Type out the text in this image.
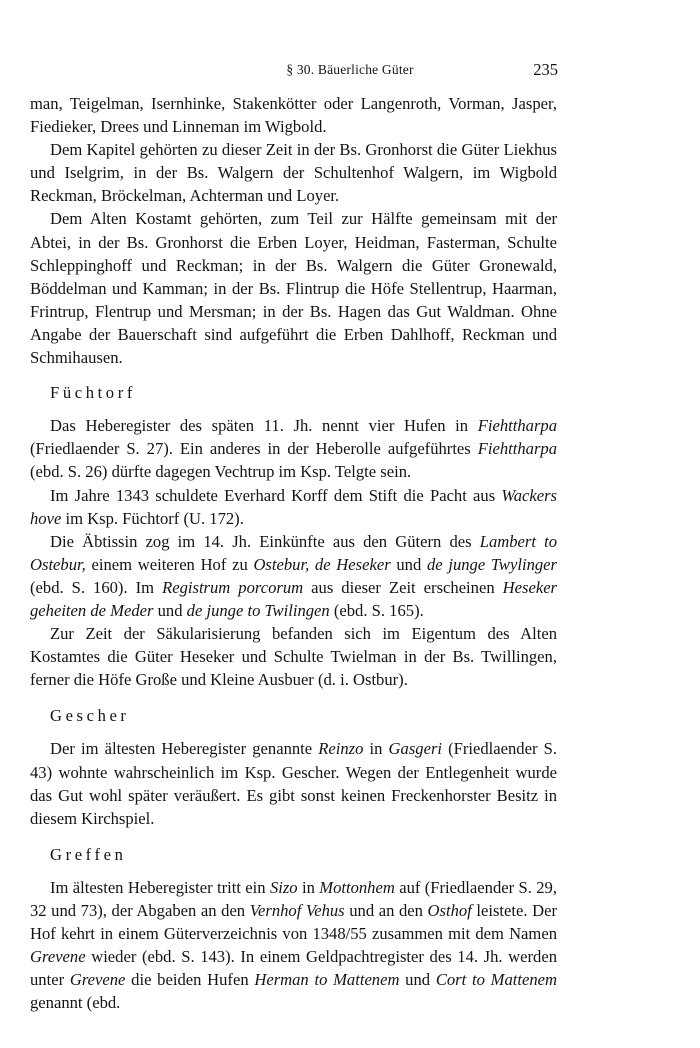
§ 30. Bäuerliche Güter	235

man, Teigelman, Isernhinke, Stakenkötter oder Langenroth, Vorman, Jasper, Fiedieker, Drees und Linneman im Wigbold.

Dem Kapitel gehörten zu dieser Zeit in der Bs. Gronhorst die Güter Liekhus und Iselgrim, in der Bs. Walgern der Schultenhof Walgern, im Wigbold Reckman, Bröckelman, Achterman und Loyer.

Dem Alten Kostamt gehörten, zum Teil zur Hälfte gemeinsam mit der Abtei, in der Bs. Gronhorst die Erben Loyer, Heidman, Fasterman, Schulte Schleppinghoff und Reckman; in der Bs. Walgern die Güter Gronewald, Böddelman und Kamman; in der Bs. Flintrup die Höfe Stellentrup, Haarman, Frintrup, Flentrup und Mersman; in der Bs. Hagen das Gut Waldman. Ohne Angabe der Bauerschaft sind aufgeführt die Erben Dahlhoff, Reckman und Schmihausen.

Füchtorf

Das Heberegister des späten 11. Jh. nennt vier Hufen in Fiehttharpa (Friedlaender S. 27). Ein anderes in der Heberolle aufgeführtes Fiehttharpa (ebd. S. 26) dürfte dagegen Vechtrup im Ksp. Telgte sein.

Im Jahre 1343 schuldete Everhard Korff dem Stift die Pacht aus Wackers hove im Ksp. Füchtorf (U. 172).

Die Äbtissin zog im 14. Jh. Einkünfte aus den Gütern des Lambert to Ostebur, einem weiteren Hof zu Ostebur, de Heseker und de junge Twylinger (ebd. S. 160). Im Registrum porcorum aus dieser Zeit erscheinen Heseker geheiten de Meder und de junge to Twilingen (ebd. S. 165).

Zur Zeit der Säkularisierung befanden sich im Eigentum des Alten Kostamtes die Güter Heseker und Schulte Twielman in der Bs. Twillingen, ferner die Höfe Große und Kleine Ausbuer (d. i. Ostbur).

Gescher

Der im ältesten Heberegister genannte Reinzo in Gasgeri (Friedlaender S. 43) wohnte wahrscheinlich im Ksp. Gescher. Wegen der Entlegenheit wurde das Gut wohl später veräußert. Es gibt sonst keinen Freckenhorster Besitz in diesem Kirchspiel.

Greffen

Im ältesten Heberegister tritt ein Sizo in Mottonhem auf (Friedlaender S. 29, 32 und 73), der Abgaben an den Vernhof Vehus und an den Osthof leistete. Der Hof kehrt in einem Güterverzeichnis von 1348/55 zusammen mit dem Namen Grevene wieder (ebd. S. 143). In einem Geldpachtregister des 14. Jh. werden unter Grevene die beiden Hufen Herman to Mattenem und Cort to Mattenem genannt (ebd.
